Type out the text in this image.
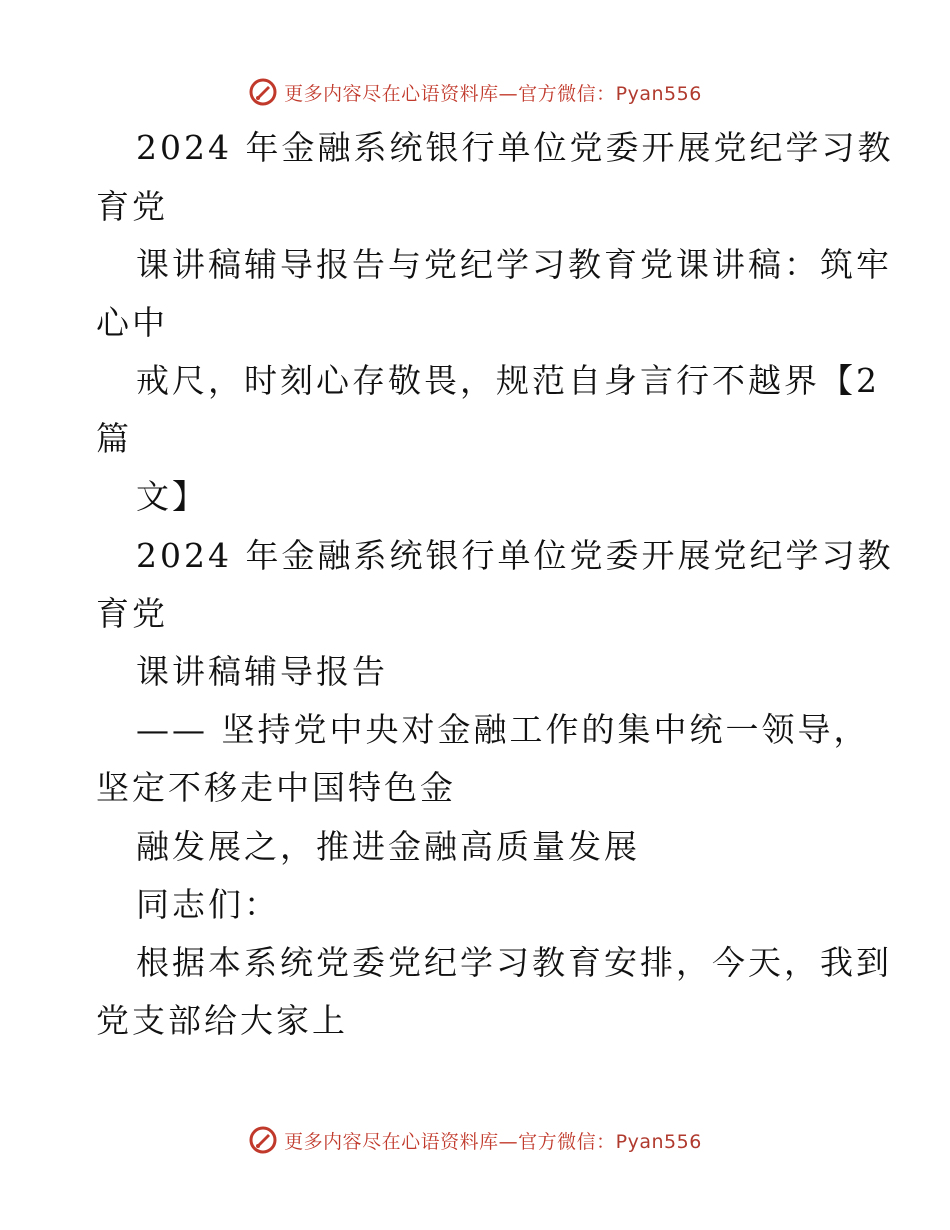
更多内容尽在心语资料库—官方微信：Pyan556
2024 年金融系统银行单位党委开展党纪学习教
育党
课讲稿辅导报告与党纪学习教育党课讲稿：筑牢
心中
戒尺，时刻心存敬畏，规范自身言行不越界【2
篇
文】
2024 年金融系统银行单位党委开展党纪学习教
育党
课讲稿辅导报告
—— 坚持党中央对金融工作的集中统一领导，
坚定不移走中国特色金
融发展之，推进金融高质量发展
同志们：
根据本系统党委党纪学习教育安排，今天，我到
党支部给大家上
更多内容尽在心语资料库—官方微信：Pyan556
